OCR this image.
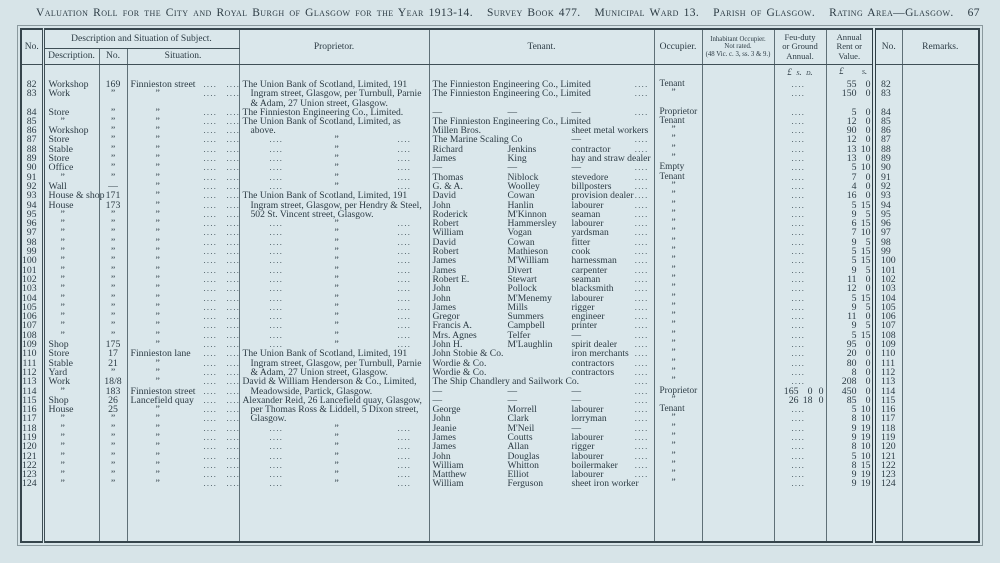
Valuation Roll for the City and Royal Burgh of Glasgow for the Year 1913-14. Survey Book 477. Municipal Ward 13. Parish of Glasgow. Rating Area—Glasgow. 67
No.	Description and Situation of Subject.			Proprietor.	Tenant.	Occupier.	Inhabitant Occupier.
Not rated.
(48 Vic. c. 3, ss. 3 & 9.)	Feu-duty
or Ground
Annual.	Annual
Rent or
Value.	No.	Remarks.
	Description.	No.	Situation.								
								£  s.  d.	£ s.		

82	Workshop	169	Finnieston street .... ....	The Union Bank of Scotland, Limited, 191	The Finnieston Engineering Co., Limited ....	Tenant		....	55 0	82	
83	Work	”	” .... ....	Ingram street, Glasgow, per Turnbull, Parnie	The Finnieston Engineering Co., Limited ....	”		....	150 0	83	

				& Adam, 27 Union street, Glasgow.							

84	Store	”	” .... ....	The Finnieston Engineering Co., Limited.	— — — ....	Proprietor		....	5 0	84	
85	”	”	” .... ....	The Union Bank of Scotland, Limited, as	The Finnieston Engineering Co., Limited	Tenant		....	12 0	85	
86	Workshop	”	” .... ....	above.	Millen Bros. sheet metal workers	”		....	90 0	86	
87	Store	”	” .... ....	.... ” ....	The Marine Scaling Co — ....	”		....	12 0	87	
88	Stable	”	” .... ....	.... ” ....	Richard Jenkins contractor ....	”		....	13 10	88	
89	Store	”	” .... ....	.... ” ....	James King hay and straw dealer	”		....	13 0	89	
90	Office	”	” .... ....	.... ” ....	— — — ....	Empty		....	5 10	90	
91	”	”	” .... ....	.... ” ....	Thomas Niblock stevedore ....	Tenant		....	7 0	91	
92	Wall	—	” .... ....	.... ” ....	G. & A. Woolley billposters ....	”		....	4 0	92	
93	House & shop	171	” .... ....	The Union Bank of Scotland, Limited, 191	David Cowan provision dealer ....	”		....	16 0	93	
94	House	173	” .... ....	Ingram street, Glasgow, per Hendry & Steel,	John Hanlin labourer ....	”		....	5 15	94	
95	”	”	” .... ....	502 St. Vincent street, Glasgow.	Roderick M'Kinnon seaman ....	”		....	9 5	95	
96	”	”	” .... ....	.... ” ....	Robert Hammersley labourer ....	”		....	6 15	96	
97	”	”	” .... ....	.... ” ....	William Vogan yardsman ....	”		....	7 10	97	
98	”	”	” .... ....	.... ” ....	David Cowan fitter ....	”		....	9 5	98	
99	”	”	” .... ....	.... ” ....	Robert Mathieson cook ....	”		....	5 15	99	
100	”	”	” .... ....	.... ” ....	James M'William harnessman ....	”		....	5 15	100	
101	”	”	” .... ....	.... ” ....	James Divert carpenter ....	”		....	9 5	101	
102	”	”	” .... ....	.... ” ....	Robert E. Stewart seaman ....	”		....	11 0	102	
103	”	”	” .... ....	.... ” ....	John Pollock blacksmith ....	”		....	12 0	103	
104	”	”	” .... ....	.... ” ....	John M'Menemy labourer ....	”		....	5 15	104	
105	”	”	” .... ....	.... ” ....	James Mills rigger ....	”		....	9 5	105	
106	”	”	” .... ....	.... ” ....	Gregor Summers engineer ....	”		....	11 0	106	
107	”	”	” .... ....	.... ” ....	Francis A. Campbell printer ....	”		....	9 5	107	
108	”	”	” .... ....	.... ” ....	Mrs. Agnes Telfer — ....	”		....	5 15	108	
109	Shop	175	” .... ....	.... ” ....	John H. M'Laughlin spirit dealer ....	”		....	95 0	109	
110	Store	17	Finnieston lane .... ....	The Union Bank of Scotland, Limited, 191	John Stobie & Co. iron merchants ....	”		....	20 0	110	
111	Stable	21	” .... ....	Ingram street, Glasgow, per Turnbull, Parnie	Wordie & Co. contractors ....	”		....	80 0	111	
112	Yard	”	” .... ....	& Adam, 27 Union street, Glasgow.	Wordie & Co. contractors ....	”		....	8 0	112	
113	Work	18/8	” .... ....	David & William Henderson & Co., Limited,	The Ship Chandlery and Sailwork Co. ....	”		....	208 0	113	
114	”	183	Finnieston street .... ....	Meadowside, Partick, Glasgow.	— — — ....	Proprietor		165 0 0	450 0	114	
115	Shop	26	Lancefield quay .... ....	Alexander Reid, 26 Lancefield quay, Glasgow,	— — — ....	”		26 18 0	85 0	115	
116	House	25	” .... ....	per Thomas Ross & Liddell, 5 Dixon street,	George Morrell labourer ....	Tenant		....	5 10	116	
117	”	”	” .... ....	Glasgow.	John Clark lorryman ....	”		....	8 10	117	
118	”	”	” .... ....	.... ” ....	Jeanie M'Neil — ....	”		....	9 19	118	
119	”	”	” .... ....	.... ” ....	James Coutts labourer ....	”		....	9 19	119	
120	”	”	” .... ....	.... ” ....	James Allan rigger ....	”		....	8 10	120	
121	”	”	” .... ....	.... ” ....	John Douglas labourer ....	”		....	5 10	121	
122	”	”	” .... ....	.... ” ....	William Whitton boilermaker ....	”		....	8 15	122	
123	”	”	” .... ....	.... ” ....	Matthew Elliot labourer ....	”		....	9 19	123	
124	”	”	” .... ....	.... ” ....	William Ferguson sheet iron worker	”		....	9 19	124	
